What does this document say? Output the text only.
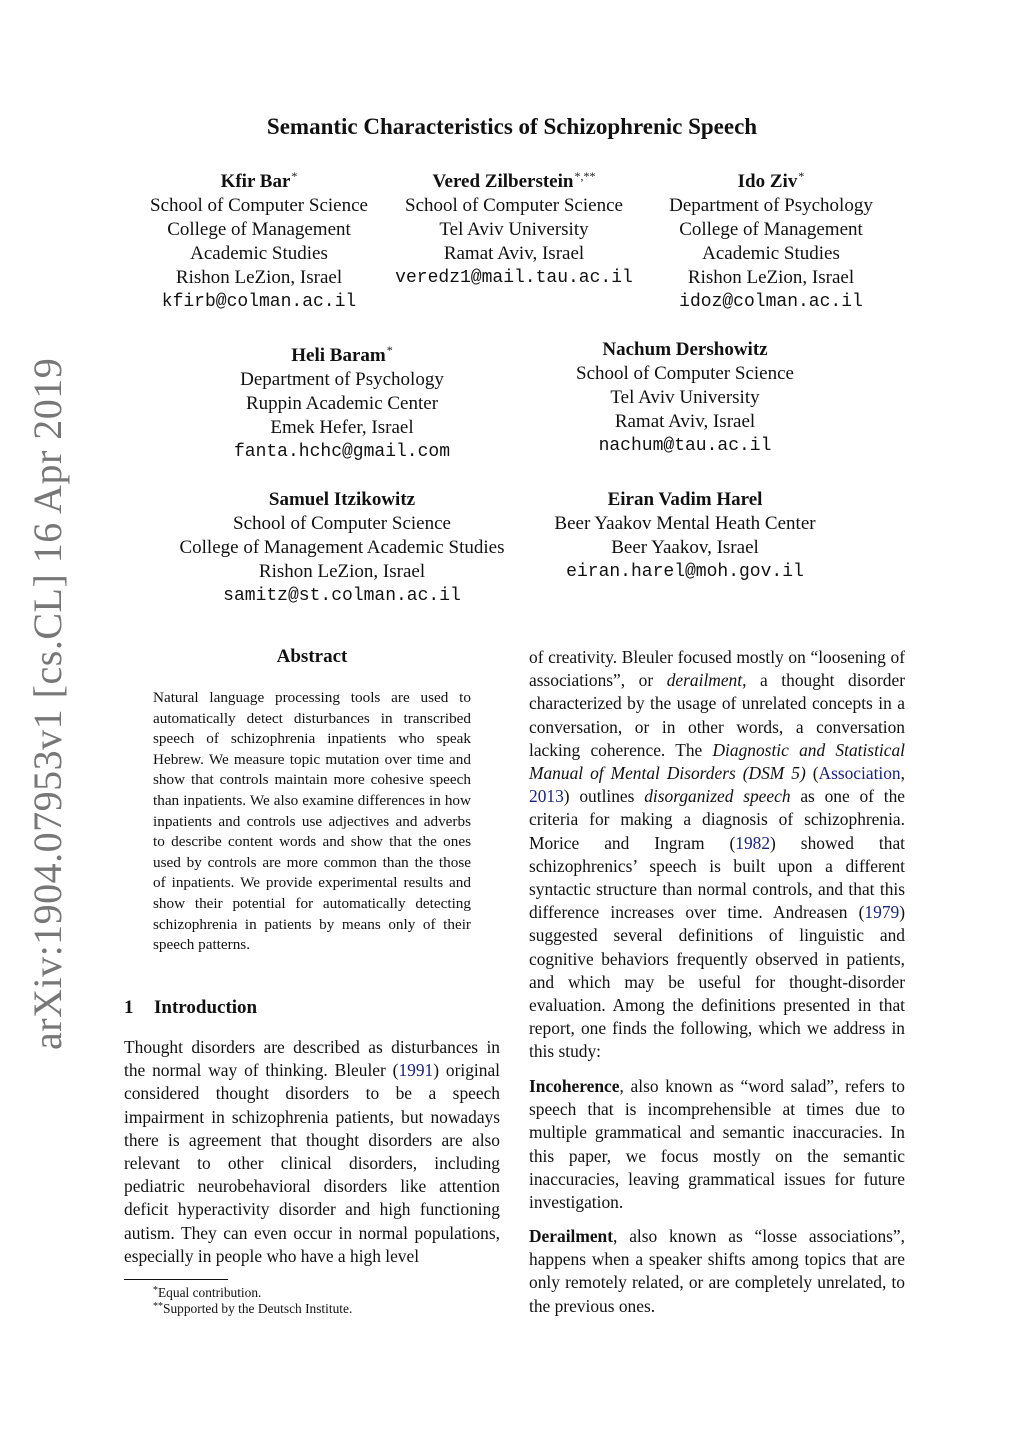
arXiv:1904.07953v1 [cs.CL] 16 Apr 2019
Semantic Characteristics of Schizophrenic Speech
Kfir Bar*
School of Computer Science
College of Management
Academic Studies
Rishon LeZion, Israel
kfirb@colman.ac.il
Vered Zilberstein*,**
School of Computer Science
Tel Aviv University
Ramat Aviv, Israel
veredz1@mail.tau.ac.il
Ido Ziv*
Department of Psychology
College of Management
Academic Studies
Rishon LeZion, Israel
idoz@colman.ac.il
Heli Baram*
Department of Psychology
Ruppin Academic Center
Emek Hefer, Israel
fanta.hchc@gmail.com
Nachum Dershowitz
School of Computer Science
Tel Aviv University
Ramat Aviv, Israel
nachum@tau.ac.il
Samuel Itzikowitz
School of Computer Science
College of Management Academic Studies
Rishon LeZion, Israel
samitz@st.colman.ac.il
Eiran Vadim Harel
Beer Yaakov Mental Heath Center
Beer Yaakov, Israel
eiran.harel@moh.gov.il
Abstract
Natural language processing tools are used to automatically detect disturbances in transcribed speech of schizophrenia inpatients who speak Hebrew. We measure topic mutation over time and show that controls maintain more cohesive speech than inpatients. We also examine differences in how inpatients and controls use adjectives and adverbs to describe content words and show that the ones used by controls are more common than the those of inpatients. We provide experimental results and show their potential for automatically detecting schizophrenia in patients by means only of their speech patterns.
1 Introduction
Thought disorders are described as disturbances in the normal way of thinking. Bleuler (1991) original considered thought disorders to be a speech impairment in schizophrenia patients, but nowadays there is agreement that thought disorders are also relevant to other clinical disorders, including pediatric neurobehavioral disorders like attention deficit hyperactivity disorder and high functioning autism. They can even occur in normal populations, especially in people who have a high level
of creativity. Bleuler focused mostly on “loosening of associations”, or derailment, a thought disorder characterized by the usage of unrelated concepts in a conversation, or in other words, a conversation lacking coherence. The Diagnostic and Statistical Manual of Mental Disorders (DSM 5) (Association, 2013) outlines disorganized speech as one of the criteria for making a diagnosis of schizophrenia. Morice and Ingram (1982) showed that schizophrenics’ speech is built upon a different syntactic structure than normal controls, and that this difference increases over time. Andreasen (1979) suggested several definitions of linguistic and cognitive behaviors frequently observed in patients, and which may be useful for thought-disorder evaluation. Among the definitions presented in that report, one finds the following, which we address in this study:
Incoherence, also known as “word salad”, refers to speech that is incomprehensible at times due to multiple grammatical and semantic inaccuracies. In this paper, we focus mostly on the semantic inaccuracies, leaving grammatical issues for future investigation.
Derailment, also known as “losse associations”, happens when a speaker shifts among topics that are only remotely related, or are completely unrelated, to the previous ones.
*Equal contribution.
**Supported by the Deutsch Institute.
